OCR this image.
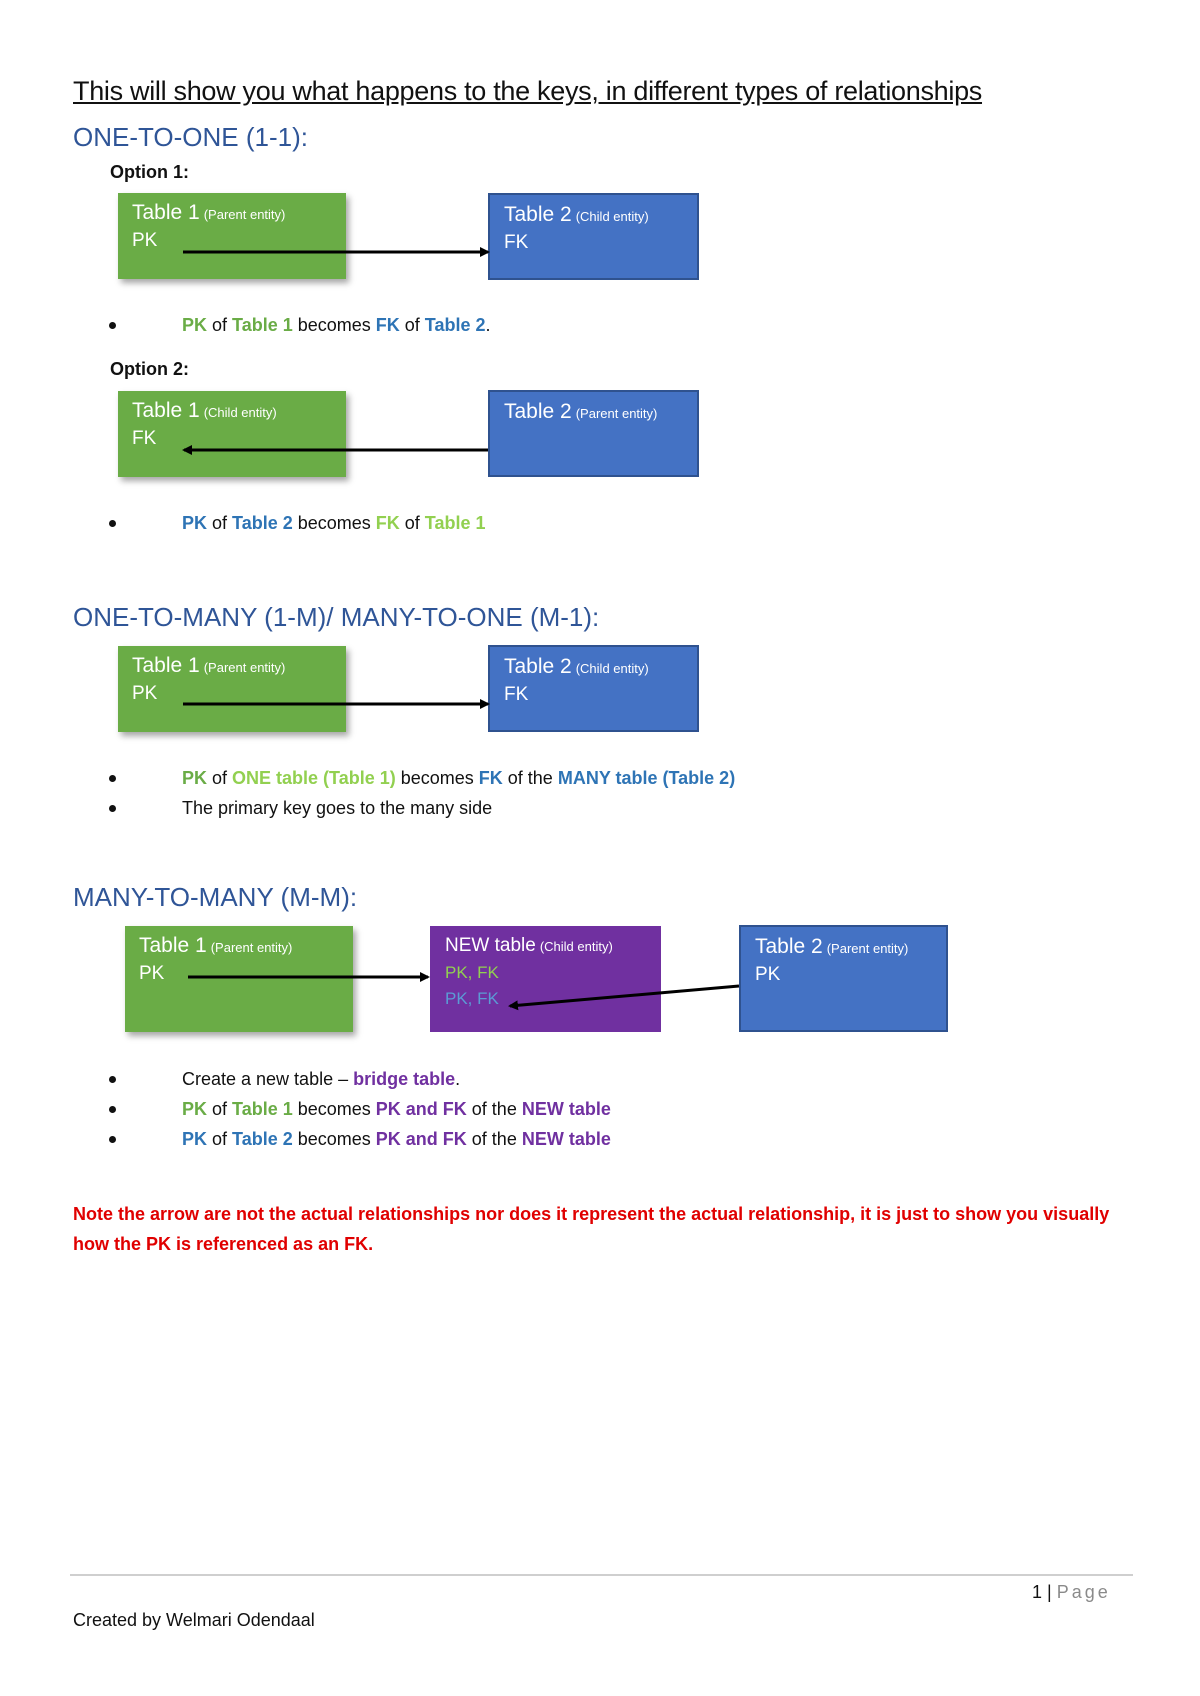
This will show you what happens to the keys, in different types of relationships
ONE-TO-ONE (1-1):
Option 1:
Table 1 (Parent entity)
PK
Table 2 (Child entity)
FK
PK of Table 1 becomes FK of Table 2.
Option 2:
Table 1 (Child entity)
FK
Table 2 (Parent entity)
PK of Table 2 becomes FK of Table 1
ONE-TO-MANY (1-M)/ MANY-TO-ONE (M-1):
Table 1 (Parent entity)
PK
Table 2 (Child entity)
FK
PK of ONE table (Table 1) becomes FK of the MANY table (Table 2)
The primary key goes to the many side
MANY-TO-MANY (M-M):
Table 1 (Parent entity)
PK
NEW table (Child entity)
PK, FK
PK, FK
Table 2 (Parent entity)
PK
Create a new table – bridge table.
PK of Table 1 becomes PK and FK of the NEW table
PK of Table 2 becomes PK and FK of the NEW table
Note the arrow are not the actual relationships nor does it represent the actual relationship, it is just to show you visually how the PK is referenced as an FK.
1 | Page
Created by Welmari Odendaal
